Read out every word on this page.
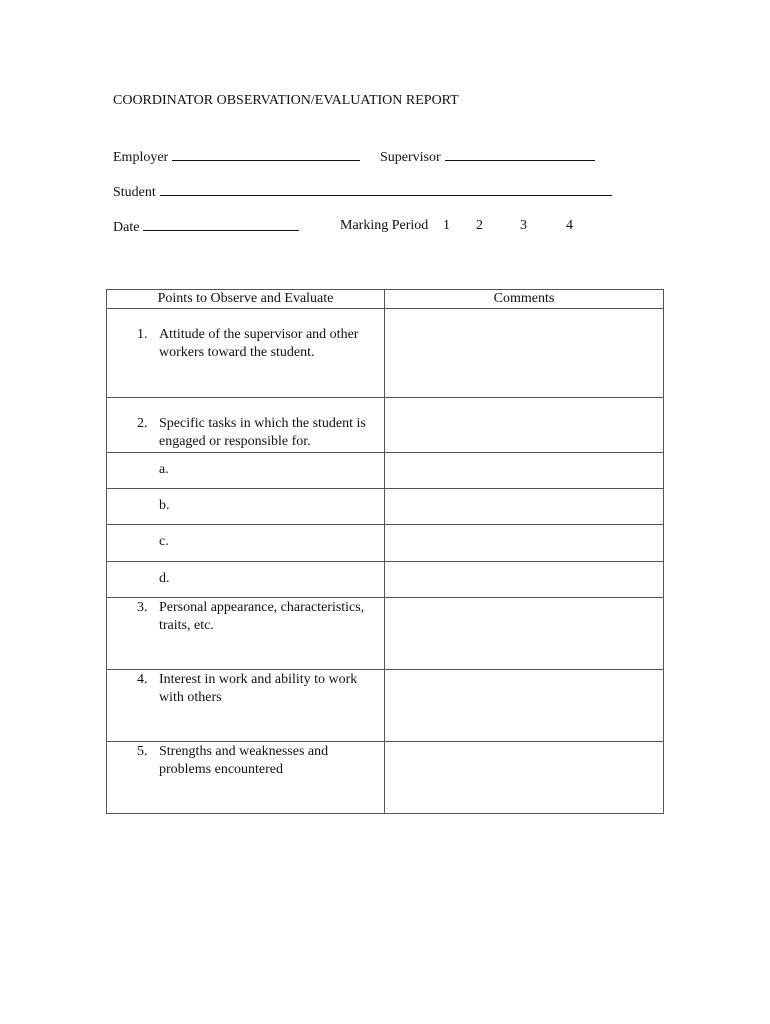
COORDINATOR OBSERVATION/EVALUATION REPORT
Employer	Supervisor
Student
Date	Marking Period 1 2	3	4
Points to Observe and Evaluate	Comments

1. Attitude of the supervisor and other workers toward the student.	

2. Specific tasks in which the student is engaged or responsible for.	

a.	

b.	

c.	

d.	

3. Personal appearance, characteristics, traits, etc.	

4. Interest in work and ability to work with others	

5. Strengths and weaknesses and problems encountered	
